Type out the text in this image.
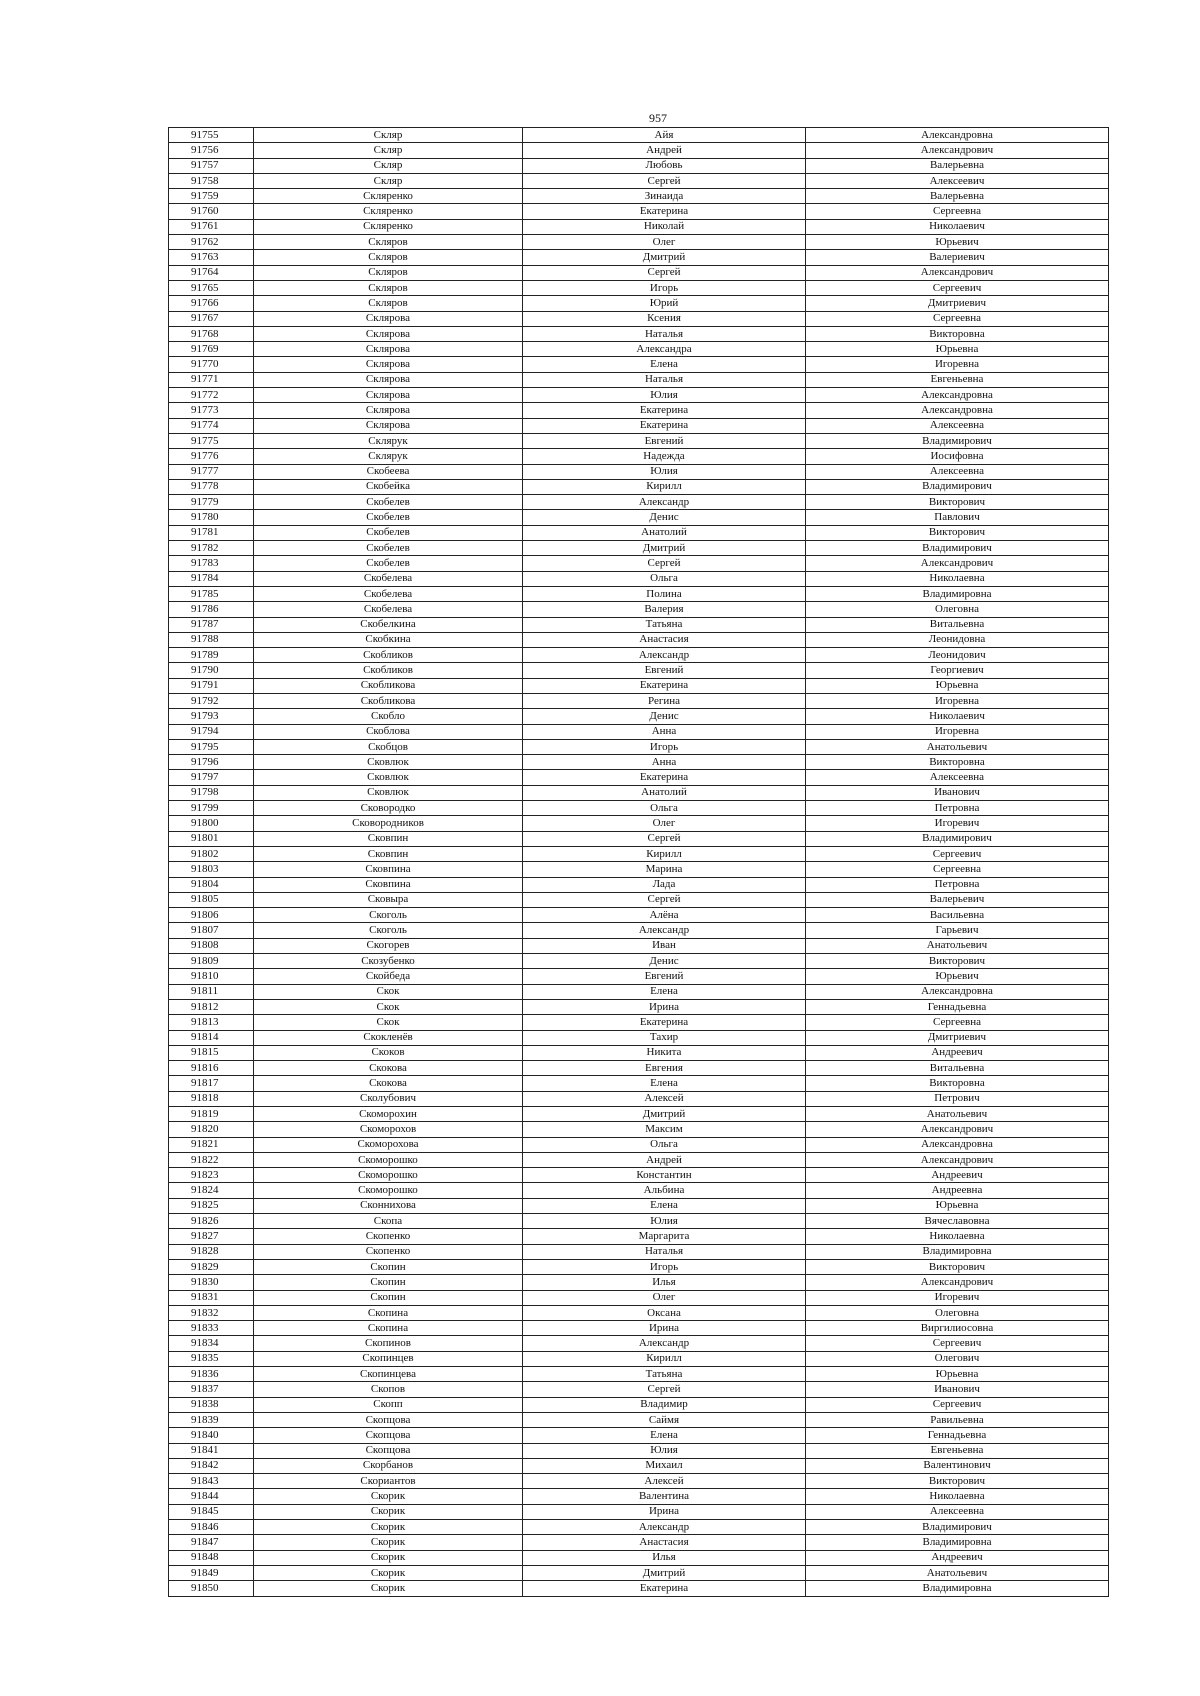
957
91755	Скляр	Айя	Александровна
91756	Скляр	Андрей	Александрович
91757	Скляр	Любовь	Валерьевна
91758	Скляр	Сергей	Алексеевич
91759	Скляренко	Зинаида	Валерьевна
91760	Скляренко	Екатерина	Сергеевна
91761	Скляренко	Николай	Николаевич
91762	Скляров	Олег	Юрьевич
91763	Скляров	Дмитрий	Валериевич
91764	Скляров	Сергей	Александрович
91765	Скляров	Игорь	Сергеевич
91766	Скляров	Юрий	Дмитриевич
91767	Склярова	Ксения	Сергеевна
91768	Склярова	Наталья	Викторовна
91769	Склярова	Александра	Юрьевна
91770	Склярова	Елена	Игоревна
91771	Склярова	Наталья	Евгеньевна
91772	Склярова	Юлия	Александровна
91773	Склярова	Екатерина	Александровна
91774	Склярова	Екатерина	Алексеевна
91775	Склярук	Евгений	Владимирович
91776	Склярук	Надежда	Иосифовна
91777	Скобеева	Юлия	Алексеевна
91778	Скобейка	Кирилл	Владимирович
91779	Скобелев	Александр	Викторович
91780	Скобелев	Денис	Павлович
91781	Скобелев	Анатолий	Викторович
91782	Скобелев	Дмитрий	Владимирович
91783	Скобелев	Сергей	Александрович
91784	Скобелева	Ольга	Николаевна
91785	Скобелева	Полина	Владимировна
91786	Скобелева	Валерия	Олеговна
91787	Скобелкина	Татьяна	Витальевна
91788	Скобкина	Анастасия	Леонидовна
91789	Скобликов	Александр	Леонидович
91790	Скобликов	Евгений	Георгиевич
91791	Скобликова	Екатерина	Юрьевна
91792	Скобликова	Регина	Игоревна
91793	Скобло	Денис	Николаевич
91794	Скоблова	Анна	Игоревна
91795	Скобцов	Игорь	Анатольевич
91796	Сковлюк	Анна	Викторовна
91797	Сковлюк	Екатерина	Алексеевна
91798	Сковлюк	Анатолий	Иванович
91799	Сковородко	Ольга	Петровна
91800	Сковородников	Олег	Игоревич
91801	Сковпин	Сергей	Владимирович
91802	Сковпин	Кирилл	Сергеевич
91803	Сковпина	Марина	Сергеевна
91804	Сковпина	Лада	Петровна
91805	Сковыра	Сергей	Валерьевич
91806	Скоголь	Алёна	Васильевна
91807	Скоголь	Александр	Гарьевич
91808	Скогорев	Иван	Анатольевич
91809	Скозубенко	Денис	Викторович
91810	Скойбеда	Евгений	Юрьевич
91811	Скок	Елена	Александровна
91812	Скок	Ирина	Геннадьевна
91813	Скок	Екатерина	Сергеевна
91814	Скокленёв	Тахир	Дмитриевич
91815	Скоков	Никита	Андреевич
91816	Скокова	Евгения	Витальевна
91817	Скокова	Елена	Викторовна
91818	Сколубович	Алексей	Петрович
91819	Скоморохин	Дмитрий	Анатольевич
91820	Скоморохов	Максим	Александрович
91821	Скоморохова	Ольга	Александровна
91822	Скоморошко	Андрей	Александрович
91823	Скоморошко	Константин	Андреевич
91824	Скоморошко	Альбина	Андреевна
91825	Сконнихова	Елена	Юрьевна
91826	Скопа	Юлия	Вячеславовна
91827	Скопенко	Маргарита	Николаевна
91828	Скопенко	Наталья	Владимировна
91829	Скопин	Игорь	Викторович
91830	Скопин	Илья	Александрович
91831	Скопин	Олег	Игоревич
91832	Скопина	Оксана	Олеговна
91833	Скопина	Ирина	Виргилиосовна
91834	Скопинов	Александр	Сергеевич
91835	Скопинцев	Кирилл	Олегович
91836	Скопинцева	Татьяна	Юрьевна
91837	Скопов	Сергей	Иванович
91838	Скопп	Владимир	Сергеевич
91839	Скопцова	Саймя	Равильевна
91840	Скопцова	Елена	Геннадьевна
91841	Скопцова	Юлия	Евгеньевна
91842	Скорбанов	Михаил	Валентинович
91843	Скориантов	Алексей	Викторович
91844	Скорик	Валентина	Николаевна
91845	Скорик	Ирина	Алексеевна
91846	Скорик	Александр	Владимирович
91847	Скорик	Анастасия	Владимировна
91848	Скорик	Илья	Андреевич
91849	Скорик	Дмитрий	Анатольевич
91850	Скорик	Екатерина	Владимировна
